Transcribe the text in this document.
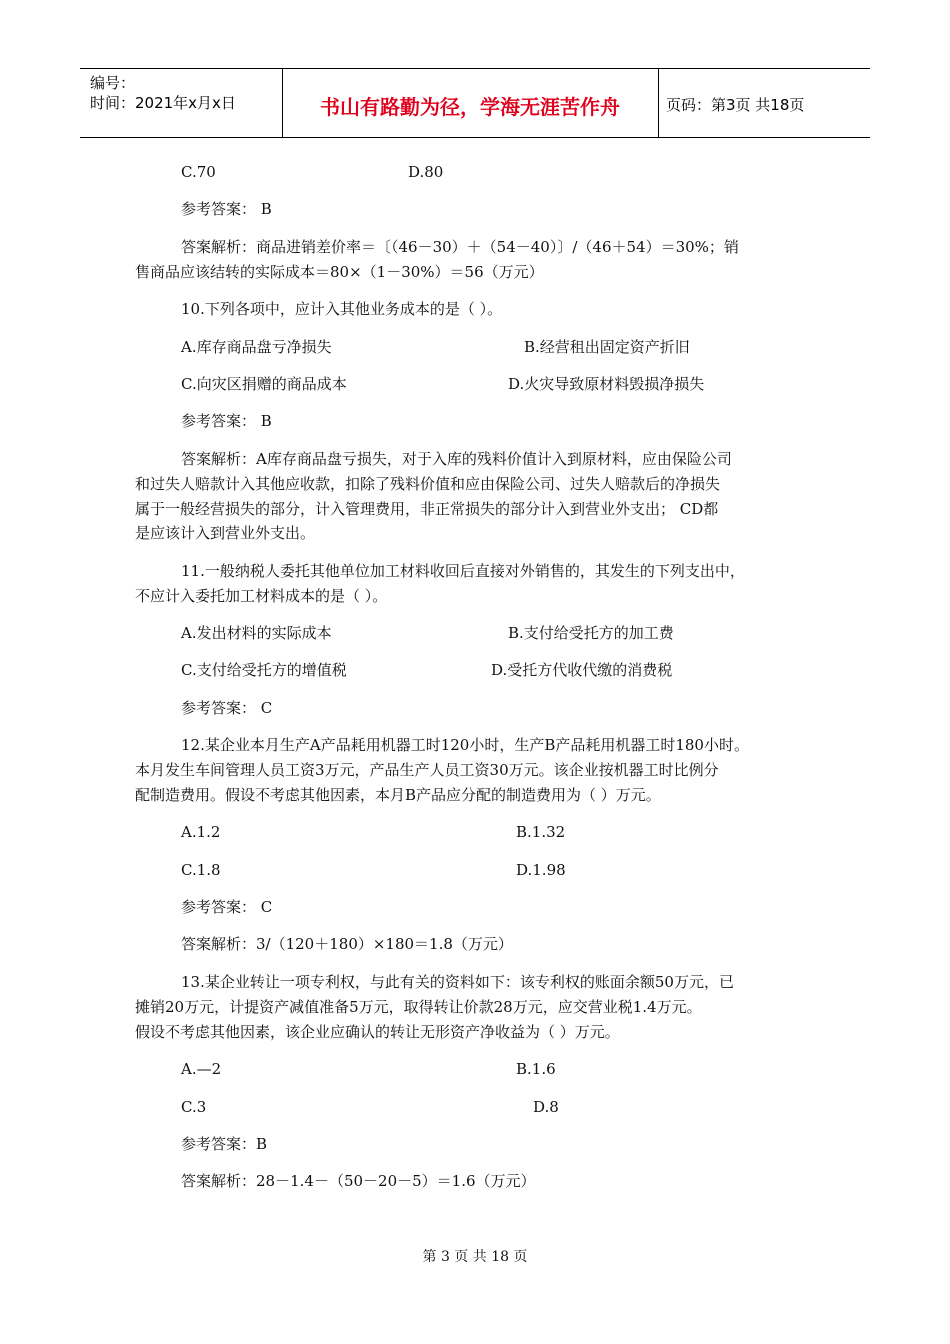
编号：
时间：2021年x月x日	书山有路勤为径，学海无涯苦作舟	页码：第3页 共18页
C.70	D.80
参考答案： B
答案解析：商品进销差价率＝〔（46－30）＋（54－40）〕/（46＋54）＝30%；销
售商品应该结转的实际成本＝80×（1－30%）＝56（万元）
10.下列各项中，应计入其他业务成本的是（ ）。
A.库存商品盘亏净损失	B.经营租出固定资产折旧
C.向灾区捐赠的商品成本	D.火灾导致原材料毁损净损失
参考答案： B
答案解析：A库存商品盘亏损失，对于入库的残料价值计入到原材料，应由保险公司
和过失人赔款计入其他应收款，扣除了残料价值和应由保险公司、过失人赔款后的净损失
属于一般经营损失的部分，计入管理费用，非正常损失的部分计入到营业外支出； CD都
是应该计入到营业外支出。
11.一般纳税人委托其他单位加工材料收回后直接对外销售的，其发生的下列支出中，
不应计入委托加工材料成本的是（ ）。
A.发出材料的实际成本	B.支付给受托方的加工费
C.支付给受托方的增值税	D.受托方代收代缴的消费税
参考答案： C
12.某企业本月生产A产品耗用机器工时120小时，生产B产品耗用机器工时180小时。
本月发生车间管理人员工资3万元，产品生产人员工资30万元。该企业按机器工时比例分
配制造费用。假设不考虑其他因素，本月B产品应分配的制造费用为（ ）万元。
A.1.2	B.1.32
C.1.8	D.1.98
参考答案： C
答案解析：3/（120＋180）×180＝1.8（万元）
13.某企业转让一项专利权，与此有关的资料如下：该专利权的账面余额50万元，已
摊销20万元，计提资产减值准备5万元，取得转让价款28万元，应交营业税1.4万元。
假设不考虑其他因素，该企业应确认的转让无形资产净收益为（ ）万元。
A.—2	B.1.6
C.3	D.8
参考答案：B
答案解析：28－1.4－（50－20－5）＝1.6（万元）
第 3 页 共 18 页
